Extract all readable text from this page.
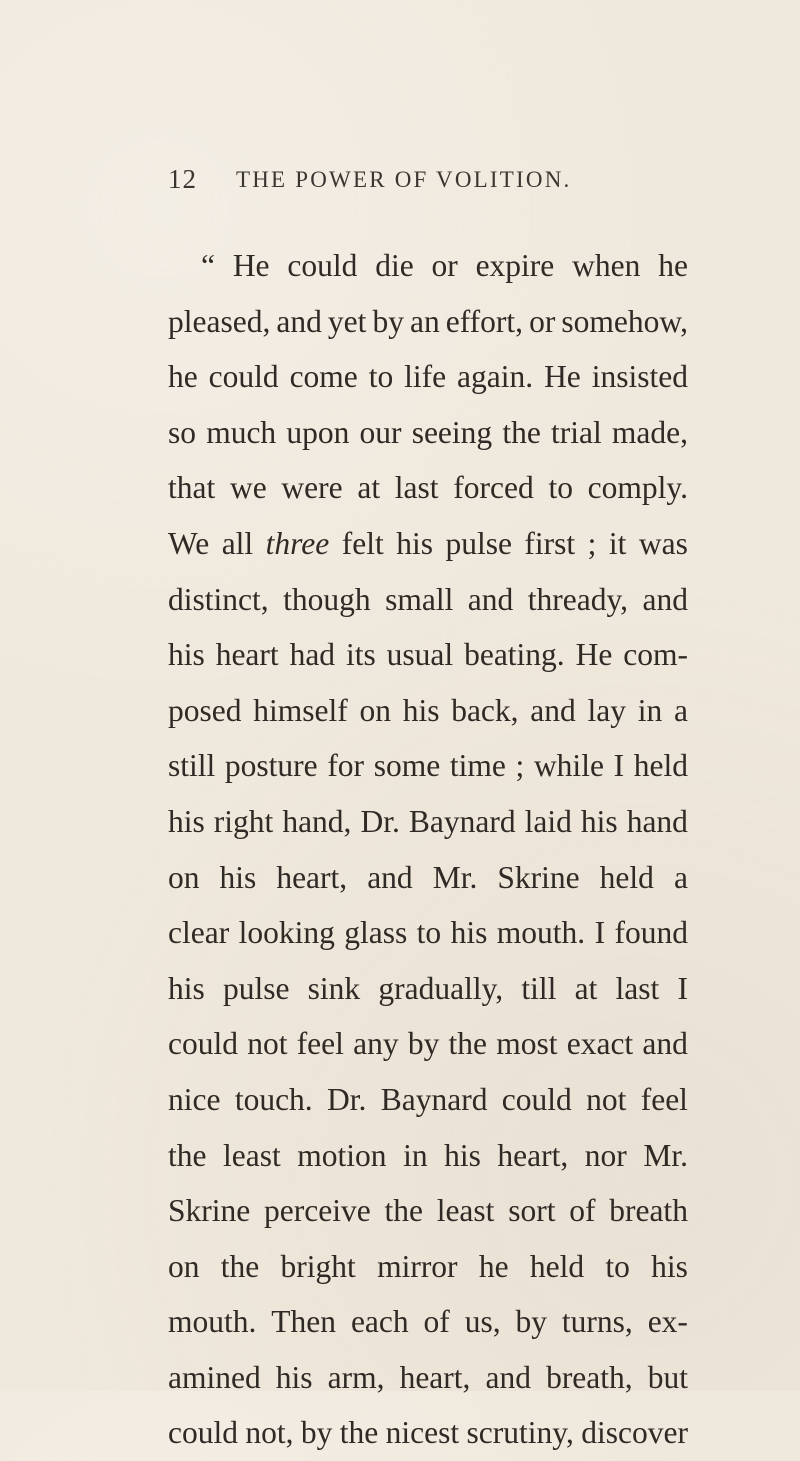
12 THE POWER OF VOLITION.
“ He could die or expire when he
pleased, and yet by an effort, or somehow,
he could come to life again. He insisted
so much upon our seeing the trial made,
that we were at last forced to comply.
We all three felt his pulse first ; it was
distinct, though small and thready, and
his heart had its usual beating. He com-
posed himself on his back, and lay in a
still posture for some time ; while I held
his right hand, Dr. Baynard laid his hand
on his heart, and Mr. Skrine held a
clear looking glass to his mouth. I found
his pulse sink gradually, till at last I
could not feel any by the most exact and
nice touch. Dr. Baynard could not feel
the least motion in his heart, nor Mr.
Skrine perceive the least sort of breath
on the bright mirror he held to his
mouth. Then each of us, by turns, ex-
amined his arm, heart, and breath, but
could not, by the nicest scrutiny, discover
